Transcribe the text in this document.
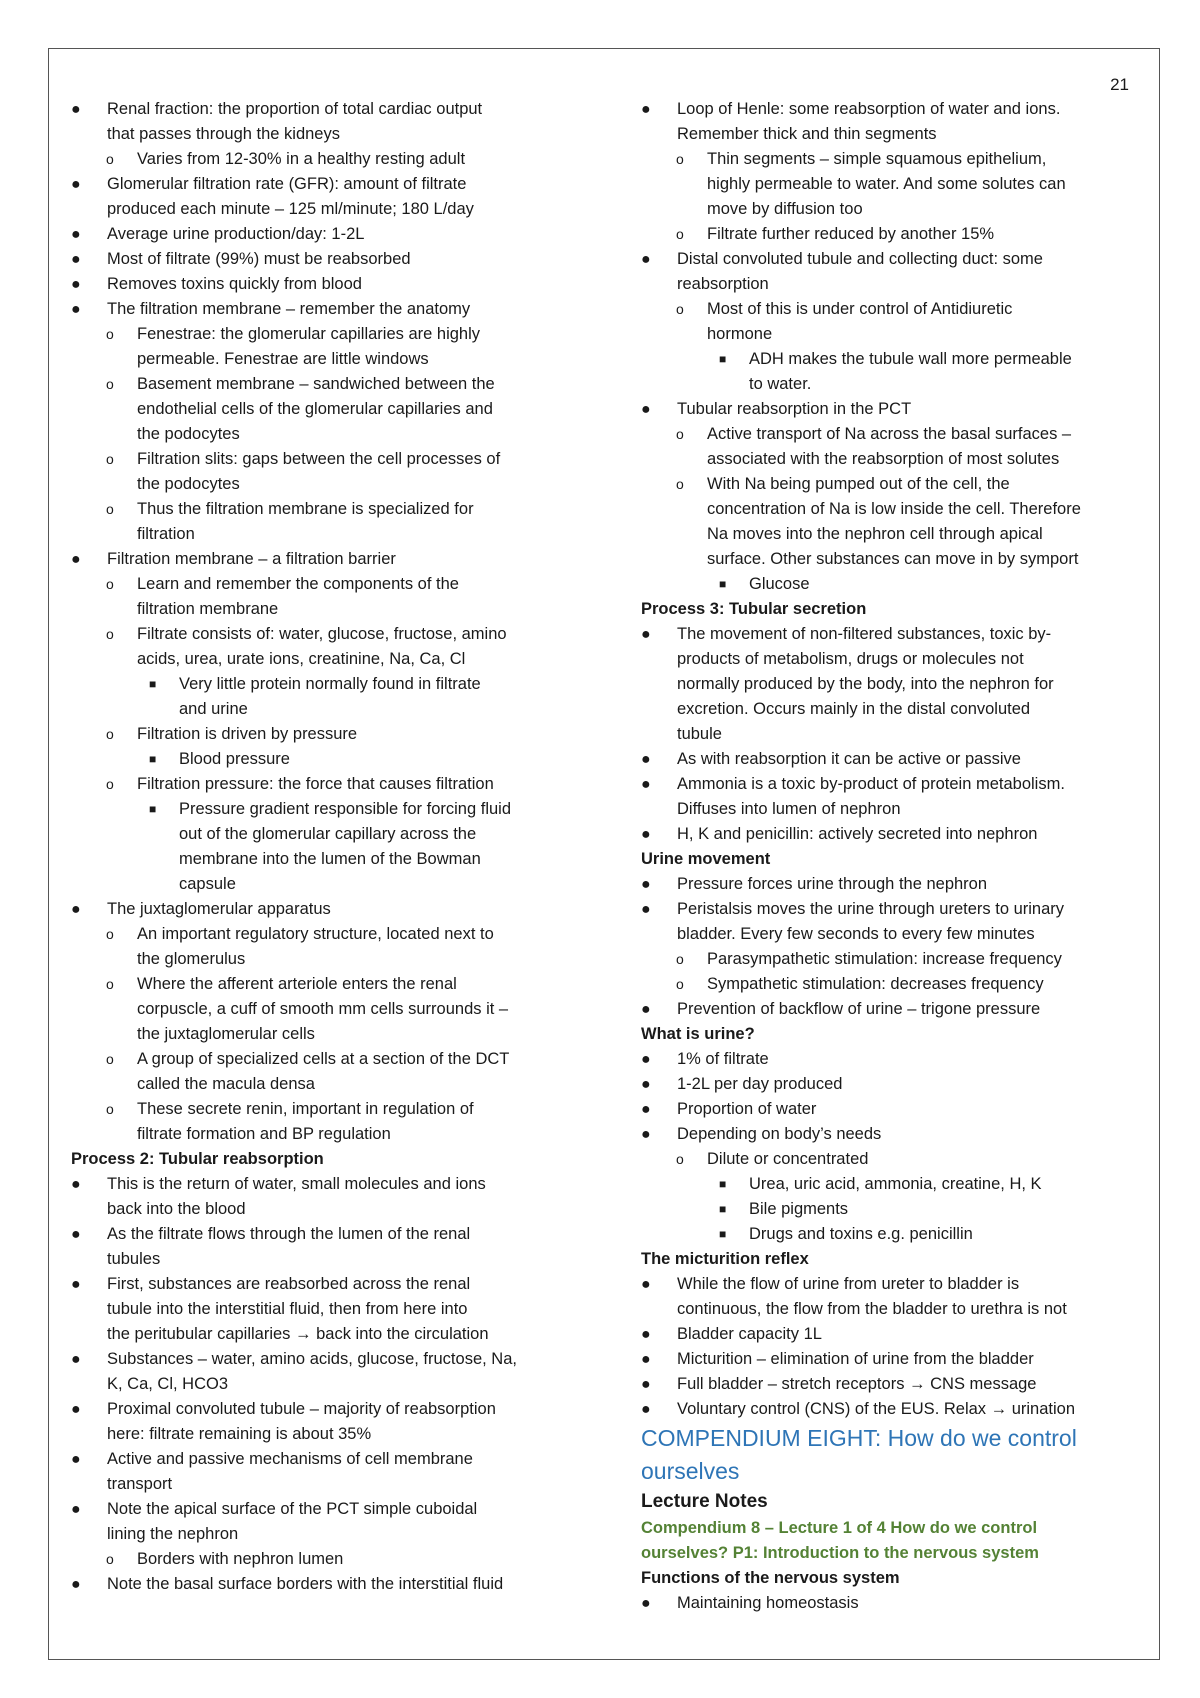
21
● Renal fraction: the proportion of total cardiac output
that passes through the kidneys
o Varies from 12-30% in a healthy resting adult
● Glomerular filtration rate (GFR): amount of filtrate
produced each minute – 125 ml/minute; 180 L/day
● Average urine production/day: 1-2L
● Most of filtrate (99%) must be reabsorbed
● Removes toxins quickly from blood
● The filtration membrane – remember the anatomy
o Fenestrae: the glomerular capillaries are highly
permeable. Fenestrae are little windows
o Basement membrane – sandwiched between the
endothelial cells of the glomerular capillaries and
the podocytes
o Filtration slits: gaps between the cell processes of
the podocytes
o Thus the filtration membrane is specialized for
filtration
● Filtration membrane – a filtration barrier
o Learn and remember the components of the
filtration membrane
o Filtrate consists of: water, glucose, fructose, amino
acids, urea, urate ions, creatinine, Na, Ca, Cl
■ Very little protein normally found in filtrate
and urine
o Filtration is driven by pressure
■ Blood pressure
o Filtration pressure: the force that causes filtration
■ Pressure gradient responsible for forcing fluid
out of the glomerular capillary across the
membrane into the lumen of the Bowman
capsule
● The juxtaglomerular apparatus
o An important regulatory structure, located next to
the glomerulus
o Where the afferent arteriole enters the renal
corpuscle, a cuff of smooth mm cells surrounds it –
the juxtaglomerular cells
o A group of specialized cells at a section of the DCT
called the macula densa
o These secrete renin, important in regulation of
filtrate formation and BP regulation
Process 2: Tubular reabsorption
● This is the return of water, small molecules and ions
back into the blood
● As the filtrate flows through the lumen of the renal
tubules
● First, substances are reabsorbed across the renal
tubule into the interstitial fluid, then from here into
the peritubular capillaries → back into the circulation
● Substances – water, amino acids, glucose, fructose, Na,
K, Ca, Cl, HCO3
● Proximal convoluted tubule – majority of reabsorption
here: filtrate remaining is about 35%
● Active and passive mechanisms of cell membrane
transport
● Note the apical surface of the PCT simple cuboidal
lining the nephron
o Borders with nephron lumen
● Note the basal surface borders with the interstitial fluid
● Loop of Henle: some reabsorption of water and ions.
Remember thick and thin segments
o Thin segments – simple squamous epithelium,
highly permeable to water. And some solutes can
move by diffusion too
o Filtrate further reduced by another 15%
● Distal convoluted tubule and collecting duct: some
reabsorption
o Most of this is under control of Antidiuretic
hormone
■ ADH makes the tubule wall more permeable
to water.
● Tubular reabsorption in the PCT
o Active transport of Na across the basal surfaces –
associated with the reabsorption of most solutes
o With Na being pumped out of the cell, the
concentration of Na is low inside the cell. Therefore
Na moves into the nephron cell through apical
surface. Other substances can move in by symport
■ Glucose
Process 3: Tubular secretion
● The movement of non-filtered substances, toxic by-
products of metabolism, drugs or molecules not
normally produced by the body, into the nephron for
excretion. Occurs mainly in the distal convoluted
tubule
● As with reabsorption it can be active or passive
● Ammonia is a toxic by-product of protein metabolism.
Diffuses into lumen of nephron
● H, K and penicillin: actively secreted into nephron
Urine movement
● Pressure forces urine through the nephron
● Peristalsis moves the urine through ureters to urinary
bladder. Every few seconds to every few minutes
o Parasympathetic stimulation: increase frequency
o Sympathetic stimulation: decreases frequency
● Prevention of backflow of urine – trigone pressure
What is urine?
● 1% of filtrate
● 1-2L per day produced
● Proportion of water
● Depending on body’s needs
o Dilute or concentrated
■ Urea, uric acid, ammonia, creatine, H, K
■ Bile pigments
■ Drugs and toxins e.g. penicillin
The micturition reflex
● While the flow of urine from ureter to bladder is
continuous, the flow from the bladder to urethra is not
● Bladder capacity 1L
● Micturition – elimination of urine from the bladder
● Full bladder – stretch receptors → CNS message
● Voluntary control (CNS) of the EUS. Relax → urination
COMPENDIUM EIGHT: How do we control
ourselves
Lecture Notes
Compendium 8 – Lecture 1 of 4 How do we control
ourselves? P1: Introduction to the nervous system
Functions of the nervous system
● Maintaining homeostasis
